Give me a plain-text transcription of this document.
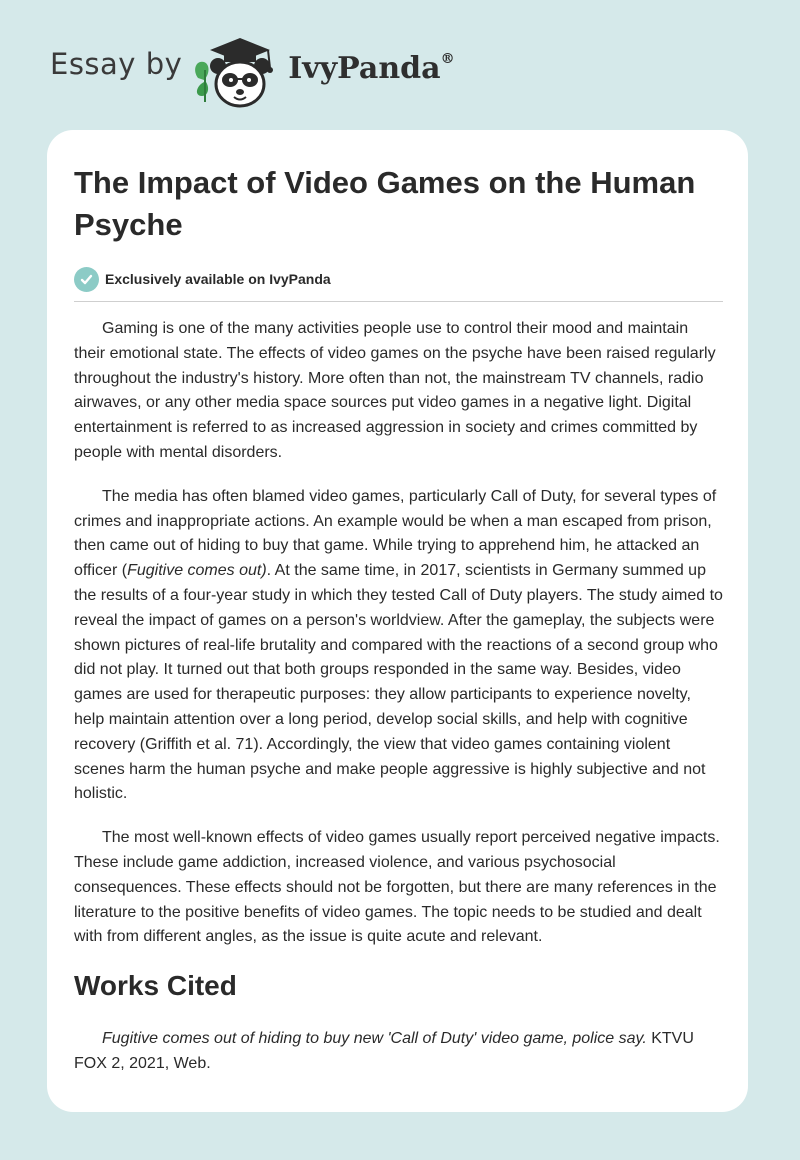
Essay by	IvyPanda®
The Impact of Video Games on the Human Psyche
Exclusively available on IvyPanda

Gaming is one of the many activities people use to control their mood and maintain their emotional state. The effects of video games on the psyche have been raised regularly throughout the industry's history. More often than not, the mainstream TV channels, radio airwaves, or any other media space sources put video games in a negative light. Digital entertainment is referred to as increased aggression in society and crimes committed by people with mental disorders.

The media has often blamed video games, particularly Call of Duty, for several types of crimes and inappropriate actions. An example would be when a man escaped from prison, then came out of hiding to buy that game. While trying to apprehend him, he attacked an officer (Fugitive comes out). At the same time, in 2017, scientists in Germany summed up the results of a four-year study in which they tested Call of Duty players. The study aimed to reveal the impact of games on a person's worldview. After the gameplay, the subjects were shown pictures of real-life brutality and compared with the reactions of a second group who did not play. It turned out that both groups responded in the same way. Besides, video games are used for therapeutic purposes: they allow participants to experience novelty, help maintain attention over a long period, develop social skills, and help with cognitive recovery (Griffith et al. 71). Accordingly, the view that video games containing violent scenes harm the human psyche and make people aggressive is highly subjective and not holistic.

The most well-known effects of video games usually report perceived negative impacts. These include game addiction, increased violence, and various psychosocial consequences. These effects should not be forgotten, but there are many references in the literature to the positive benefits of video games. The topic needs to be studied and dealt with from different angles, as the issue is quite acute and relevant.

Works Cited

Fugitive comes out of hiding to buy new 'Call of Duty' video game, police say. KTVU FOX 2, 2021, Web.
